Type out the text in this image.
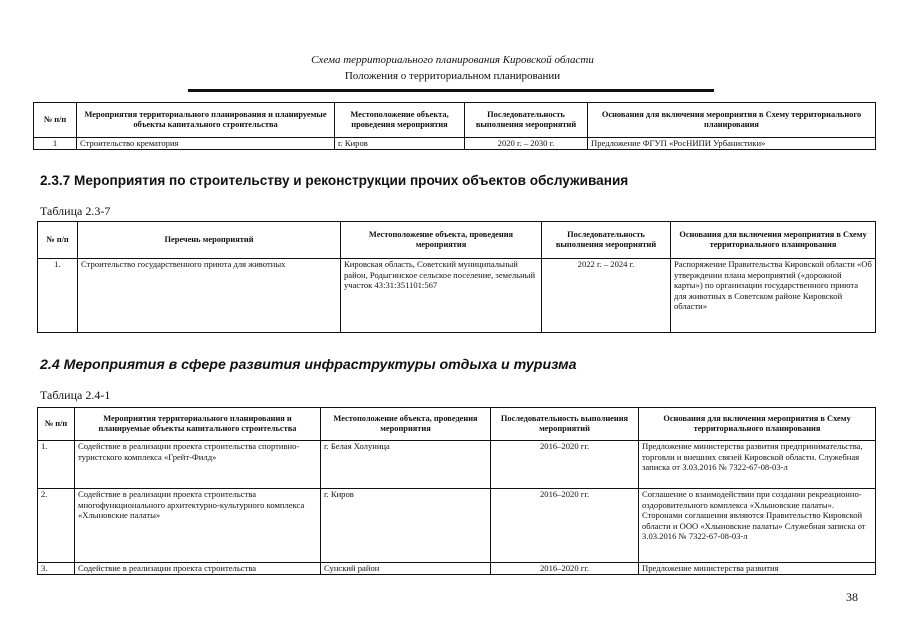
Схема территориального планирования Кировской области
Положения о территориальном планировании
№ п/п	Мероприятия территориального планирования и планируемые объекты капитального строительства	Местоположение объекта, проведения мероприятия	Последовательность выполнения мероприятий	Основания для включения мероприятия в Схему территориального планирования
1	Строительство крематория	г. Киров	2020 г. – 2030 г.	Предложение ФГУП «РосНИПИ Урбанистики»
2.3.7 Мероприятия по строительству и реконструкции прочих объектов обслуживания
Таблица 2.3-7
№ п/п	Перечень мероприятий	Местоположение объекта, проведения мероприятия	Последовательность выполнения мероприятий	Основания для включения мероприятия в Схему территориального планирования
1.	Строительство государственного приюта для животных	Кировская область, Советский муниципальный район, Родыгинское сельское поселение, земельный участок 43:31:351101:567	2022 г. – 2024 г.	Распоряжение Правительства Кировской области «Об утверждении плана мероприятий («дорожной карты») по организации государственного приюта для животных в Советском районе Кировской области»
2.4 Мероприятия в сфере развития инфраструктуры отдыха и туризма
Таблица 2.4-1
№ п/п	Мероприятия территориального планирования и планируемые объекты капитального строительства	Местоположение объекта, проведения мероприятия	Последовательность выполнения мероприятий	Основания для включения мероприятия в Схему территориального планирования
1.	Содействие в реализации проекта строительства спортивно-туристского комплекса «Грейт-Филд»	г. Белая Холуница	2016–2020 гг.	Предложение министерства развития предпринимательства, торговли и внешних связей Кировской области. Служебная записка от 3.03.2016 № 7322-67-08-03-л
2.	Содействие в реализации проекта строительства многофункционального архитектурно-культурного комплекса «Хлыновские палаты»	г. Киров	2016–2020 гг.	Соглашение о взаимодействии при создании рекреационно-оздоровительного комплекса «Хлыновские палаты». Сторонами соглашения являются Правительство Кировской области и ООО «Хлыновские палаты» Служебная записка от 3.03.2016 № 7322-67-08-03-л
3.	Содействие в реализации проекта строительства	Сунский район	2016–2020 гг.	Предложение министерства развития
38
